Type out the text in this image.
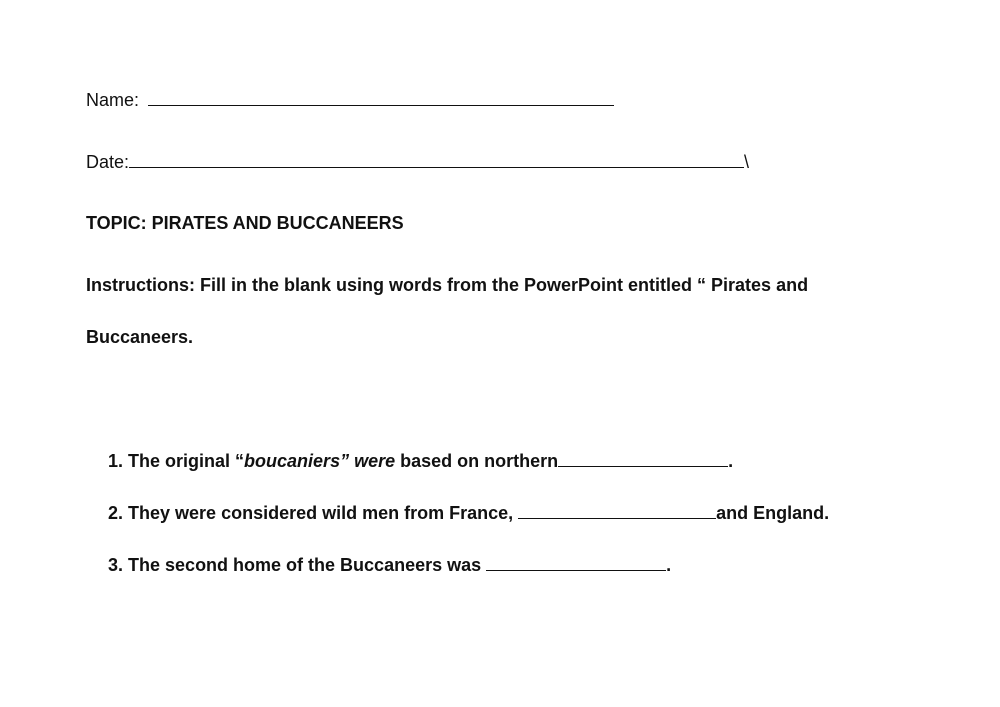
Name:
Date:	\
TOPIC: PIRATES AND BUCCANEERS
Instructions: Fill in the blank using words from the PowerPoint entitled “ Pirates and
Buccaneers.
1. The original “boucaniers” were based on northern	.
2. They were considered wild men from France,	and England.
3. The second home of the Buccaneers was	.
